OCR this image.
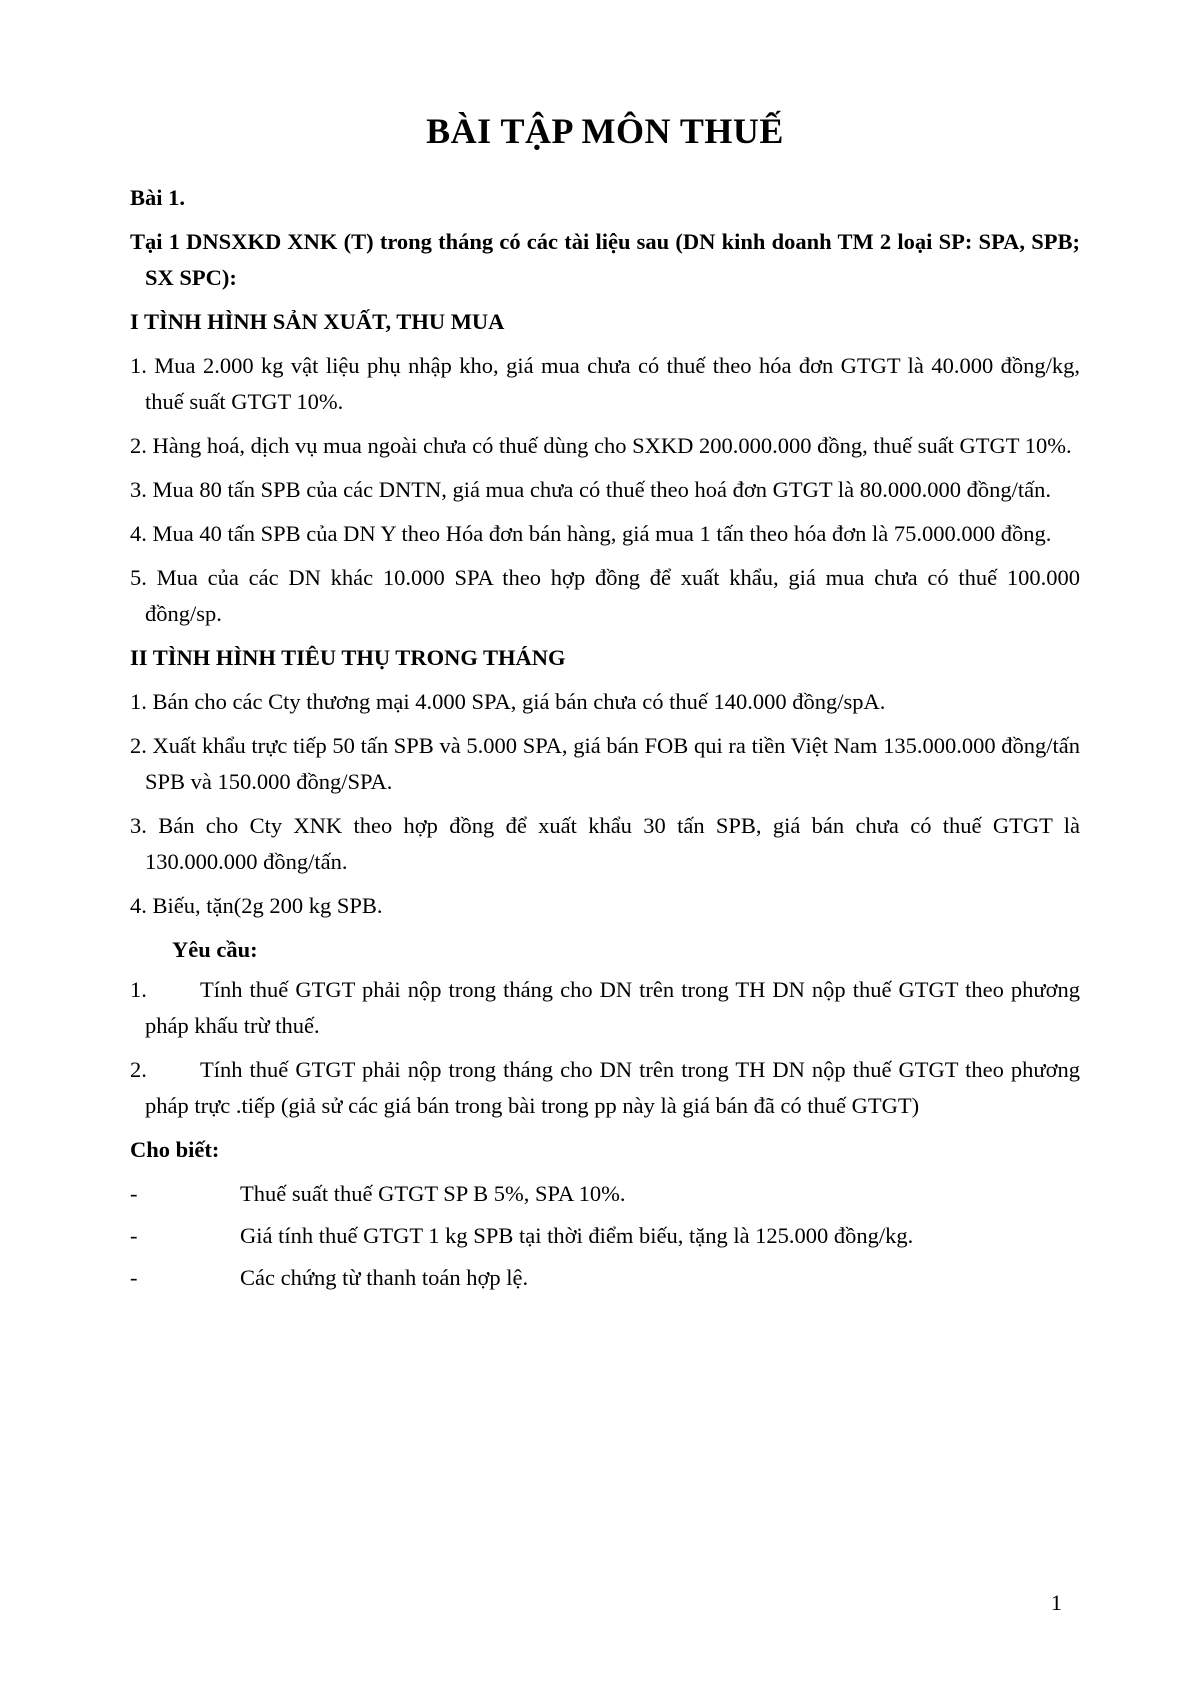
BÀI TẬP MÔN THUẾ

Bài 1.

Tại 1 DNSXKD XNK (T) trong tháng có các tài liệu sau (DN kinh doanh TM 2 loại SP: SPA, SPB; SX SPC):

I TÌNH HÌNH SẢN XUẤT, THU MUA

1. Mua 2.000 kg vật liệu phụ nhập kho, giá mua chưa có thuế theo hóa đơn GTGT là 40.000 đồng/kg, thuế suất GTGT 10%.

2. Hàng hoá, dịch vụ mua ngoài chưa có thuế dùng cho SXKD 200.000.000 đồng, thuế suất GTGT 10%.

3. Mua 80 tấn SPB của các DNTN, giá mua chưa có thuế theo hoá đơn GTGT là 80.000.000 đồng/tấn.

4. Mua 40 tấn SPB của DN Y theo Hóa đơn bán hàng, giá mua 1 tấn theo hóa đơn là 75.000.000 đồng.

5. Mua của các DN khác 10.000 SPA theo hợp đồng để xuất khẩu, giá mua chưa có thuế 100.000 đồng/sp.

II TÌNH HÌNH TIÊU THỤ TRONG THÁNG

1. Bán cho các Cty thương mại 4.000 SPA, giá bán chưa có thuế 140.000 đồng/spA.

2. Xuất khẩu trực tiếp 50 tấn SPB và 5.000 SPA, giá bán FOB qui ra tiền Việt Nam 135.000.000 đồng/tấn SPB và 150.000 đồng/SPA.

3. Bán cho Cty XNK theo hợp đồng để xuất khẩu 30 tấn SPB, giá bán chưa có thuế GTGT là 130.000.000 đồng/tấn.

4. Biếu, tặn(2g 200 kg SPB.

Yêu cầu:

1.	Tính thuế GTGT phải nộp trong tháng cho DN trên trong TH DN nộp thuế GTGT theo phương pháp khấu trừ thuế.
2.	Tính thuế GTGT phải nộp trong tháng cho DN trên trong TH DN nộp thuế GTGT theo phương pháp trực .tiếp (giả sử các giá bán trong bài trong pp này là giá bán đã có thuế GTGT)

Cho biết:

-	Thuế suất thuế GTGT SP B 5%, SPA 10%.
-	Giá tính thuế GTGT 1 kg SPB tại thời điểm biếu, tặng là 125.000 đồng/kg.
-	Các chứng từ thanh toán hợp lệ.
1
